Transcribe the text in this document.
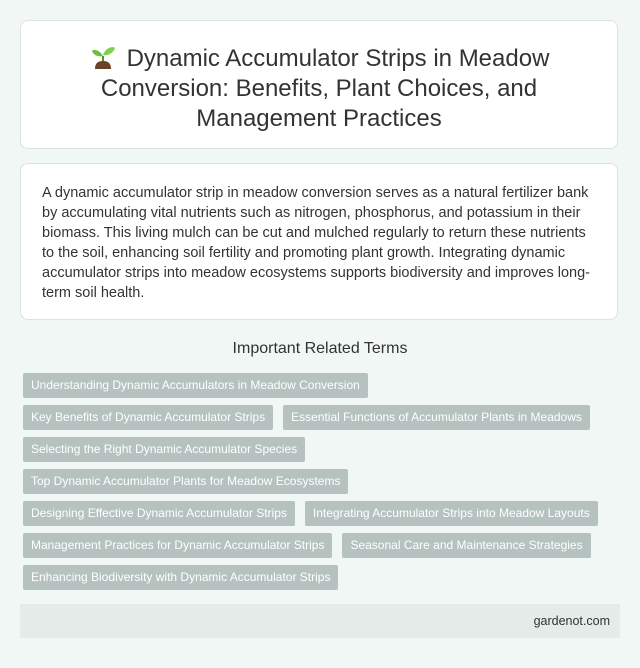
Dynamic Accumulator Strips in Meadow Conversion: Benefits, Plant Choices, and Management Practices

A dynamic accumulator strip in meadow conversion serves as a natural fertilizer bank by accumulating vital nutrients such as nitrogen, phosphorus, and potassium in their biomass. This living mulch can be cut and mulched regularly to return these nutrients to the soil, enhancing soil fertility and promoting plant growth. Integrating dynamic accumulator strips into meadow ecosystems supports biodiversity and improves long-term soil health.

Important Related Terms
Understanding Dynamic Accumulators in Meadow Conversion
Key Benefits of Dynamic Accumulator Strips	Essential Functions of Accumulator Plants in Meadows
Selecting the Right Dynamic Accumulator Species
Top Dynamic Accumulator Plants for Meadow Ecosystems
Designing Effective Dynamic Accumulator Strips	Integrating Accumulator Strips into Meadow Layouts
Management Practices for Dynamic Accumulator Strips	Seasonal Care and Maintenance Strategies
Enhancing Biodiversity with Dynamic Accumulator Strips
gardenot.com
